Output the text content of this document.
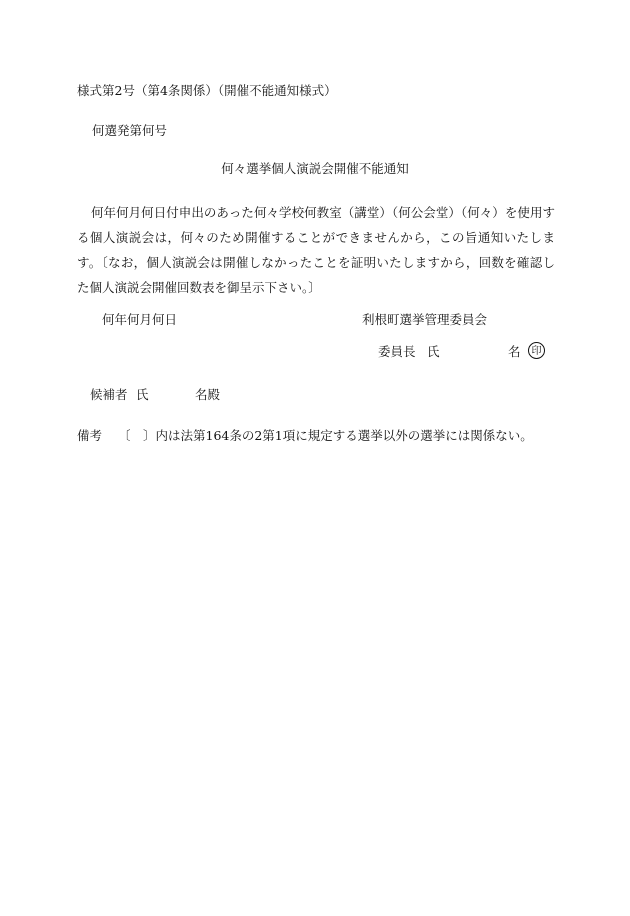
様式第2号（第4条関係）（開催不能通知様式）
何選発第何号
何々選挙個人演説会開催不能通知
何年何月何日付申出のあった何々学校何教室（講堂）（何公会堂）（何々）を使用する個人演説会は，何々のため開催することができませんから，この旨通知いたします。〔なお，個人演説会は開催しなかったことを証明いたしますから，回数を確認した個人演説会開催回数表を御呈示下さい。〕
何年何月何日	利根町選挙管理委員会
委員長 氏	名	印
候補者 氏	名殿
備考 〔　〕内は法第164条の2第1項に規定する選挙以外の選挙には関係ない。
